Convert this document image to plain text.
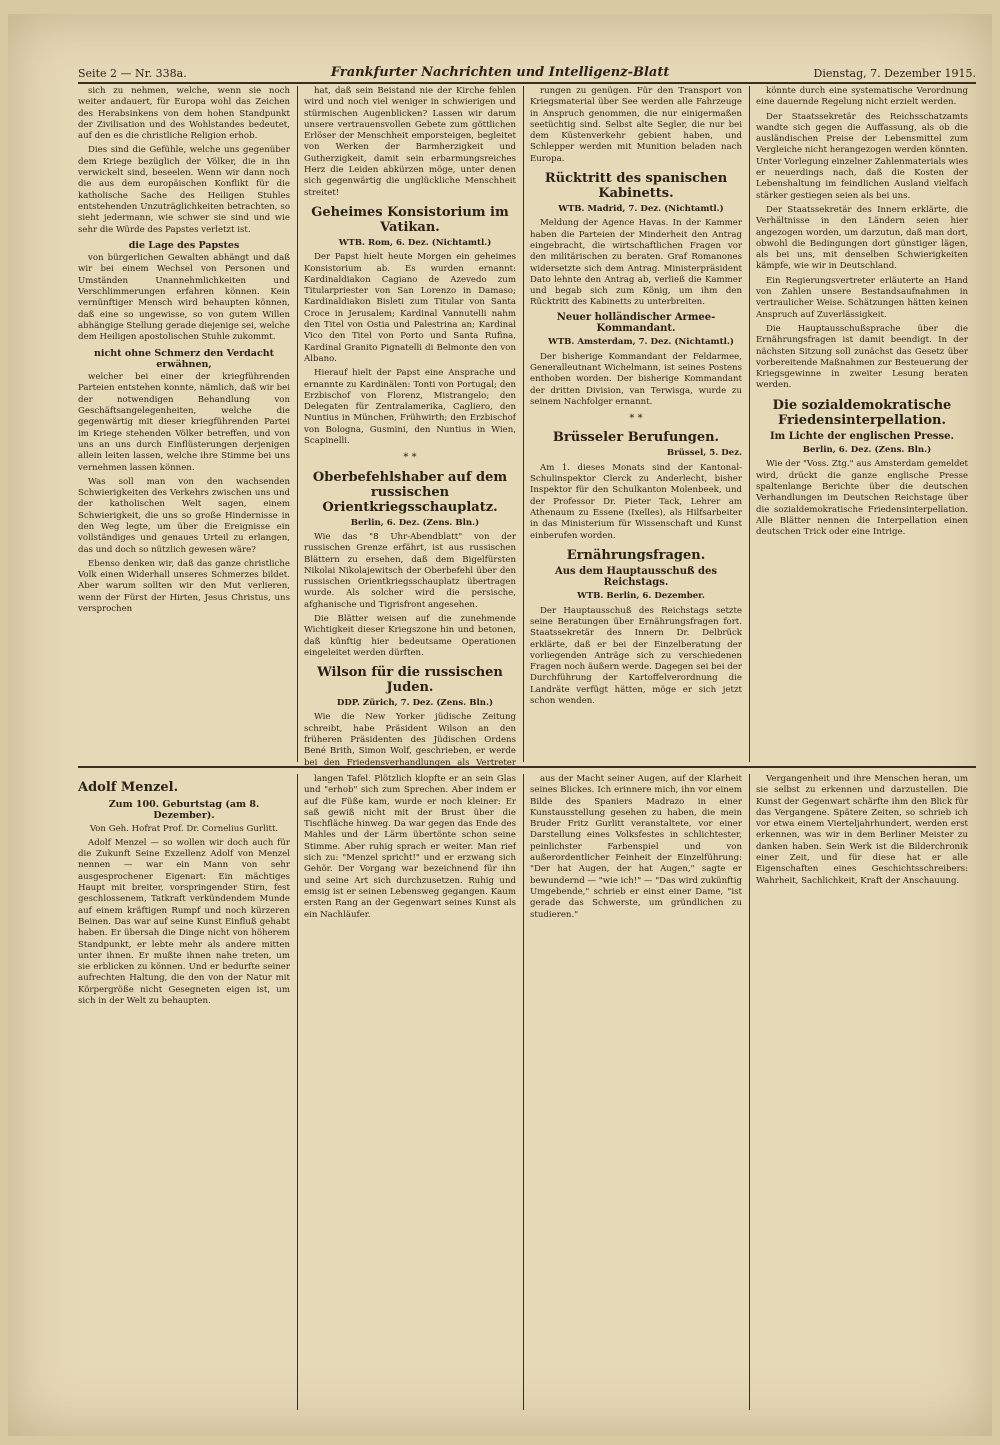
Seite 2 — Nr. 338a.	Frankfurter Nachrichten und Intelligenz-Blatt	Dienstag, 7. Dezember 1915.

sich zu nehmen, welche, wenn sie noch weiter andauert, für Europa wohl das Zeichen des Herabsinkens von dem hohen Standpunkt der Zivilisation und des Wohlstandes bedeutet, auf den es die christliche Religion erhob.

Dies sind die Gefühle, welche uns gegenüber dem Kriege bezüglich der Völker, die in ihn verwickelt sind, beseelen. Wenn wir dann noch die aus dem europäischen Konflikt für die katholische Sache des Heiligen Stuhles entstehenden Unzuträglichkeiten betrachten, so sieht jedermann, wie schwer sie sind und wie sehr die Würde des Papstes verletzt ist.

die Lage des Papstes

von bürgerlichen Gewalten abhängt und daß wir bei einem Wechsel von Personen und Umständen Unannehmlichkeiten und Verschlimmerungen erfahren können. Kein vernünftiger Mensch wird behaupten können, daß eine so ungewisse, so von gutem Willen abhängige Stellung gerade diejenige sei, welche dem Heiligen apostolischen Stuhle zukommt.

nicht ohne Schmerz den Verdacht erwähnen,

welcher bei einer der kriegführenden Parteien entstehen konnte, nämlich, daß wir bei der notwendigen Behandlung von Geschäftsangelegenheiten, welche die gegenwärtig mit dieser kriegführenden Partei im Kriege stehenden Völker betreffen, und von uns an uns durch Einflüsterungen derjenigen allein leiten lassen, welche ihre Stimme bei uns vernehmen lassen können.

Was soll man von den wachsenden Schwierigkeiten des Verkehrs zwischen uns und der katholischen Welt sagen, einem Schwierigkeit, die uns so große Hindernisse in den Weg legte, um über die Ereignisse ein vollständiges und genaues Urteil zu erlangen, das und doch so nützlich gewesen wäre?

Ebenso denken wir, daß das ganze christliche Volk einen Widerhall unseres Schmerzes bildet. Aber warum sollten wir den Mut verlieren, wenn der Fürst der Hirten, Jesus Christus, uns versprochen

hat, daß sein Beistand nie der Kirche fehlen wird und noch viel weniger in schwierigen und stürmischen Augenblicken? Lassen wir darum unsere vertrauensvollen Gebete zum göttlichen Erlöser der Menschheit emporsteigen, begleitet von Werken der Barmherzigkeit und Gutherzigkeit, damit sein erbarmungsreiches Herz die Leiden abkürzen möge, unter denen sich gegenwärtig die unglückliche Menschheit streitet!

Geheimes Konsistorium im Vatikan.

WTB. Rom, 6. Dez. (Nichtamtl.)

Der Papst hielt heute Morgen ein geheimes Konsistorium ab. Es wurden ernannt: Kardinaldiakon Cagiano de Azevedo zum Titularpriester von San Lorenzo in Damaso; Kardinaldiakon Bisleti zum Titular von Santa Croce in Jerusalem; Kardinal Vannutelli nahm den Titel von Ostia und Palestrina an; Kardinal Vico den Titel von Porto und Santa Rufina, Kardinal Granito Pignatelli di Belmonte den von Albano.

Hierauf hielt der Papst eine Ansprache und ernannte zu Kardinälen: Tonti von Portugal; den Erzbischof von Florenz, Mistrangelo; den Delegaten für Zentralamerika, Cagliero, den Nuntius in München, Frühwirth; den Erzbischof von Bologna, Gusmini, den Nuntius in Wien, Scapinelli.

* *
Oberbefehlshaber auf dem russischen Orientkriegsschauplatz.

Berlin, 6. Dez. (Zens. Bln.)

Wie das "8 Uhr-Abendblatt" von der russischen Grenze erfährt, ist aus russischen Blättern zu ersehen, daß dem Bigelfürsten Nikolai Nikolajewitsch der Oberbefehl über den russischen Orientkriegsschauplatz übertragen wurde. Als solcher wird die persische, afghanische und Tigrisfront angesehen.

Die Blätter weisen auf die zunehmende Wichtigkeit dieser Kriegszone hin und betonen, daß künftig hier bedeutsame Operationen eingeleitet werden dürften.

Wilson für die russischen Juden.

DDP. Zürich, 7. Dez. (Zens. Bln.)

Wie die New Yorker jüdische Zeitung schreibt, habe Präsident Wilson an den früheren Präsidenten des Jüdischen Ordens Bené Brith, Simon Wolf, geschrieben, er werde bei den Friedensverhandlungen als Vertreter

rungen zu genügen. Für den Transport von Kriegsmaterial über See werden alle Fahrzeuge in Anspruch genommen, die nur einigermaßen seetüchtig sind. Selbst alte Segler, die nur bei dem Küstenverkehr gebient haben, und Schlepper werden mit Munition beladen nach Europa.

Rücktritt des spanischen Kabinetts.

WTB. Madrid, 7. Dez. (Nichtamtl.)

Meldung der Agence Havas. In der Kammer haben die Parteien der Minderheit den Antrag eingebracht, die wirtschaftlichen Fragen vor den militärischen zu beraten. Graf Romanones widersetzte sich dem Antrag. Ministerpräsident Dato lehnte den Antrag ab, verließ die Kammer und begab sich zum König, um ihm den Rücktritt des Kabinetts zu unterbreiten.

Neuer holländischer Armee-Kommandant.

WTB. Amsterdam, 7. Dez. (Nichtamtl.)

Der bisherige Kommandant der Feldarmee, Generalleutnant Wichelmann, ist seines Postens enthoben worden. Der bisherige Kommandant der dritten Division, van Terwisga, wurde zu seinem Nachfolger ernannt.

* *
Brüsseler Berufungen.

Brüssel, 5. Dez.

Am 1. dieses Monats sind der Kantonal-Schulinspektor Clerck zu Anderlecht, bisher Inspektor für den Schulkanton Molenbeek, und der Professor Dr. Pieter Tack, Lehrer am Athenaum zu Essene (Ixelles), als Hilfsarbeiter in das Ministerium für Wissenschaft und Kunst einberufen worden.

Ernährungsfragen.
Aus dem Hauptausschuß des Reichstags.

WTB. Berlin, 6. Dezember.

Der Hauptausschuß des Reichstags setzte seine Beratungen über Ernährungsfragen fort. Staatssekretär des Innern Dr. Delbrück erklärte, daß er bei der Einzelberatung der vorliegenden Anträge sich zu verschiedenen Fragen noch äußern werde. Dagegen sei bei der Durchführung der Kartoffelverordnung die Landräte verfügt hätten, möge er sich jetzt schon wenden.

könnte durch eine systematische Verordnung eine dauernde Regelung nicht erzielt werden.

Der Staatssekretär des Reichsschatzamts wandte sich gegen die Auffassung, als ob die ausländischen Preise der Lebensmittel zum Vergleiche nicht herangezogen werden könnten. Unter Vorlegung einzelner Zahlenmaterials wies er neuerdings nach, daß die Kosten der Lebenshaltung im feindlichen Ausland vielfach stärker gestiegen seien als bei uns.

Der Staatssekretär des Innern erklärte, die Verhältnisse in den Ländern seien hier angezogen worden, um darzutun, daß man dort, obwohl die Bedingungen dort günstiger lägen, als bei uns, mit denselben Schwierigkeiten kämpfe, wie wir in Deutschland.

Ein Regierungsvertreter erläuterte an Hand von Zahlen unsere Bestandsaufnahmen in vertraulicher Weise. Schätzungen hätten keinen Anspruch auf Zuverlässigkeit.

Die Hauptausschußsprache über die Ernährungsfragen ist damit beendigt. In der nächsten Sitzung soll zunächst das Gesetz über vorbereitende Maßnahmen zur Besteuerung der Kriegsgewinne in zweiter Lesung beraten werden.

Die sozialdemokratische Friedensinterpellation.
Im Lichte der englischen Presse.

Berlin, 6. Dez. (Zens. Bln.)

Wie der "Voss. Ztg." aus Amsterdam gemeldet wird, drückt die ganze englische Presse spaltenlange Berichte über die deutschen Verhandlungen im Deutschen Reichstage über die sozialdemokratische Friedensinterpellation. Alle Blätter nennen die Interpellation einen deutschen Trick oder eine Intrige.

Adolf Menzel.
Zum 100. Geburtstag (am 8. Dezember).

Von Geh. Hofrat Prof. Dr. Cornelius Gurlitt.

Adolf Menzel — so wollen wir doch auch für die Zukunft Seine Exzellenz Adolf von Menzel nennen — war ein Mann von sehr ausgesprochener Eigenart: Ein mächtiges Haupt mit breiter, vorspringender Stirn, fest geschlossenem, Tatkraft verkündendem Munde auf einem kräftigen Rumpf und noch kürzeren Beinen. Das war auf seine Kunst Einfluß gehabt haben. Er übersah die Dinge nicht von höherem Standpunkt, er lebte mehr als andere mitten unter ihnen. Er mußte ihnen nahe treten, um sie erblicken zu können. Und er bedurfte seiner aufrechten Haltung, die den von der Natur mit Körpergröße nicht Gesegneten eigen ist, um sich in der Welt zu behaupten.

langen Tafel. Plötzlich klopfte er an sein Glas und "erhob" sich zum Sprechen. Aber indem er auf die Füße kam, wurde er noch kleiner: Er saß gewiß nicht mit der Brust über die Tischfläche hinweg. Da war gegen das Ende des Mahles und der Lärm übertönte schon seine Stimme. Aber ruhig sprach er weiter. Man rief sich zu: "Menzel spricht!" und er erzwang sich Gehör. Der Vorgang war bezeichnend für ihn und seine Art sich durchzusetzen. Ruhig und emsig ist er seinen Lebensweg gegangen. Kaum ersten Rang an der Gegenwart seines Kunst als ein Nachläufer.

aus der Macht seiner Augen, auf der Klarheit seines Blickes. Ich erinnere mich, ihn vor einem Bilde des Spaniers Madrazo in einer Kunstausstellung gesehen zu haben, die mein Bruder Fritz Gurlitt veranstaltete, vor einer Darstellung eines Volksfestes in schlichtester, peinlichster Farbenspiel und von außerordentlicher Feinheit der Einzelführung: "Der hat Augen, der hat Augen," sagte er bewundernd — "wie ich!" — "Das wird zukünftig Umgebende," schrieb er einst einer Dame, "ist gerade das Schwerste, um gründlichen zu studieren."

Vergangenheit und ihre Menschen heran, um sie selbst zu erkennen und darzustellen. Die Kunst der Gegenwart schärfte ihm den Blick für das Vergangene. Spätere Zeiten, so schrieb ich vor etwa einem Vierteljahrhundert, werden erst erkennen, was wir in dem Berliner Meister zu danken haben. Sein Werk ist die Bilderchronik einer Zeit, und für diese hat er alle Eigenschaften eines Geschichtsschreibers: Wahrheit, Sachlichkeit, Kraft der Anschauung.
